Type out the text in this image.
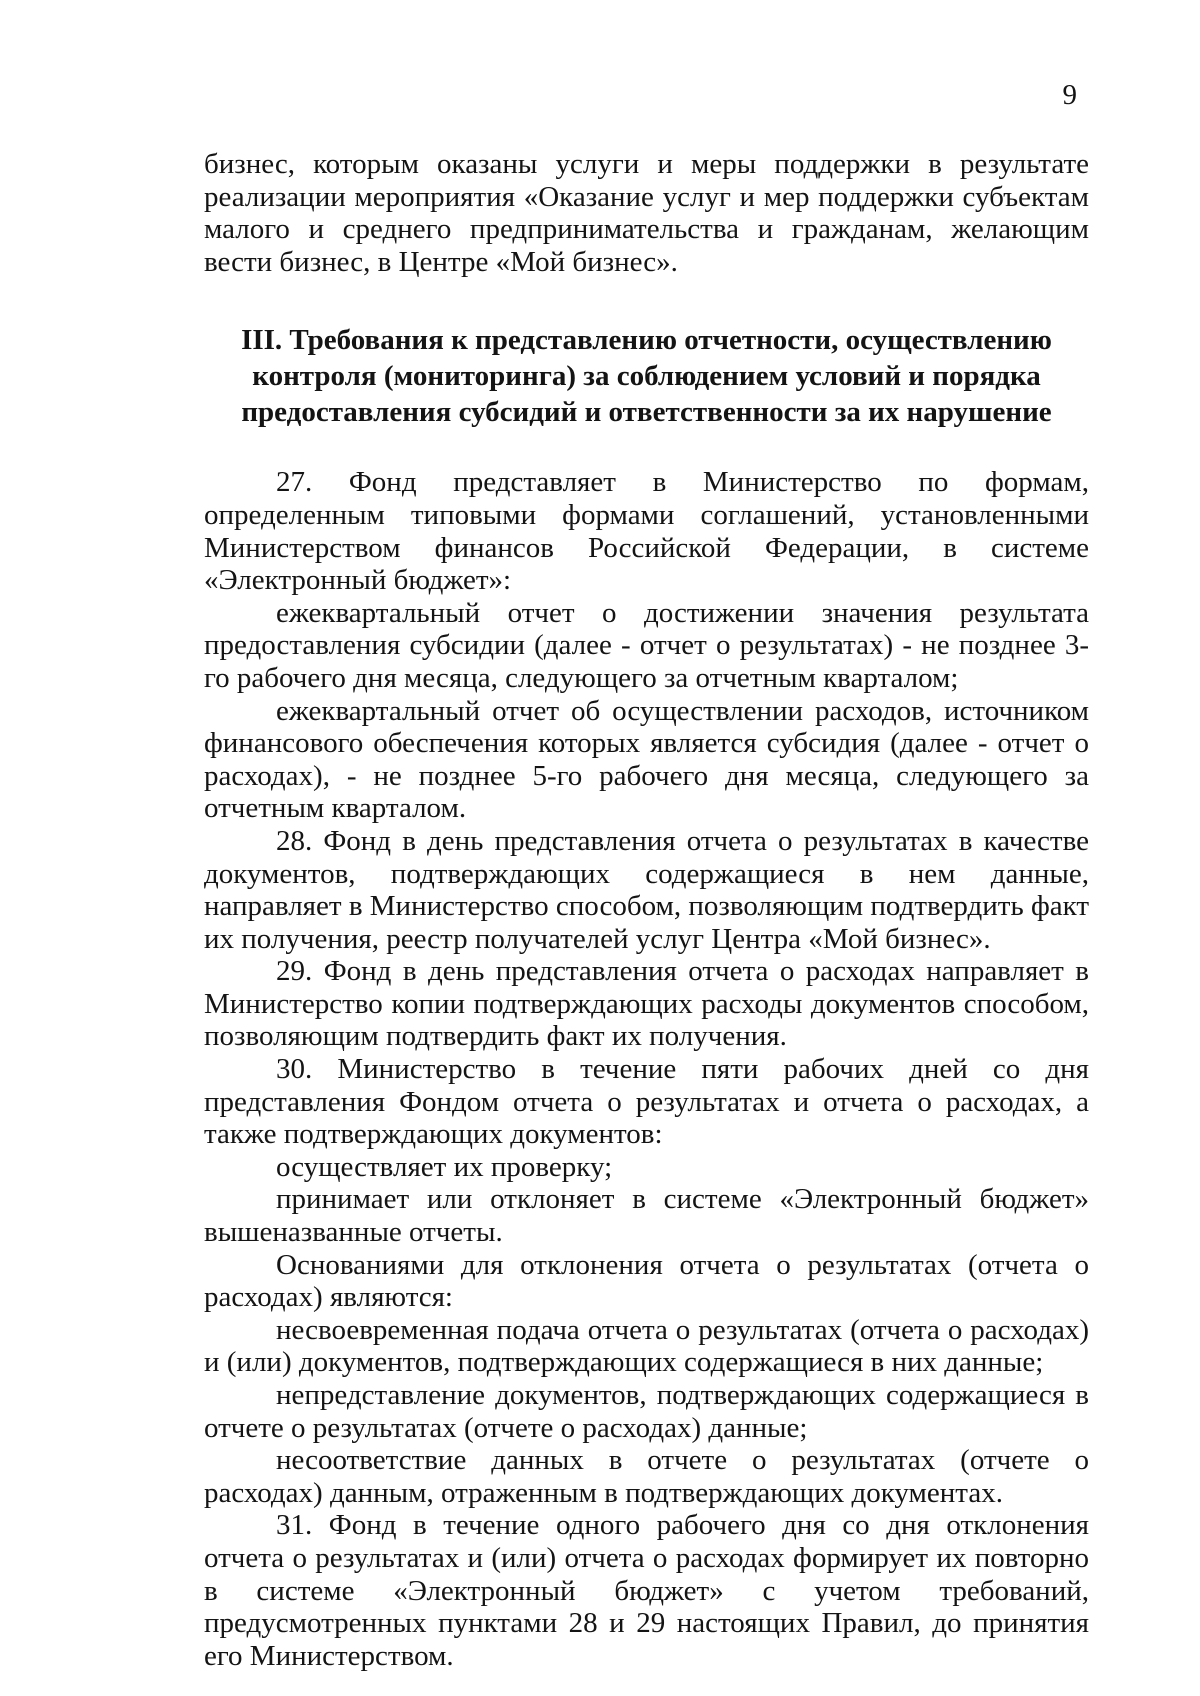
9

бизнес, которым оказаны услуги и меры поддержки в результате реализации мероприятия «Оказание услуг и мер поддержки субъектам малого и среднего предпринимательства и гражданам, желающим вести бизнес, в Центре «Мой бизнес».

III. Требования к представлению отчетности, осуществлению
контроля (мониторинга) за соблюдением условий и порядка
предоставления субсидий и ответственности за их нарушение

27. Фонд представляет в Министерство по формам, определенным типовыми формами соглашений, установленными Министерством финансов Российской Федерации, в системе «Электронный бюджет»:

ежеквартальный отчет о достижении значения результата предоставления субсидии (далее - отчет о результатах) - не позднее 3-го рабочего дня месяца, следующего за отчетным кварталом;

ежеквартальный отчет об осуществлении расходов, источником финансового обеспечения которых является субсидия (далее - отчет о расходах), - не позднее 5-го рабочего дня месяца, следующего за отчетным кварталом.

28. Фонд в день представления отчета о результатах в качестве документов, подтверждающих содержащиеся в нем данные, направляет в Министерство способом, позволяющим подтвердить факт их получения, реестр получателей услуг Центра «Мой бизнес».

29. Фонд в день представления отчета о расходах направляет в Министерство копии подтверждающих расходы документов способом, позволяющим подтвердить факт их получения.

30. Министерство в течение пяти рабочих дней со дня представления Фондом отчета о результатах и отчета о расходах, а также подтверждающих документов:

осуществляет их проверку;

принимает или отклоняет в системе «Электронный бюджет» вышеназванные отчеты.

Основаниями для отклонения отчета о результатах (отчета о расходах) являются:

несвоевременная подача отчета о результатах (отчета о расходах) и (или) документов, подтверждающих содержащиеся в них данные;

непредставление документов, подтверждающих содержащиеся в отчете о результатах (отчете о расходах) данные;

несоответствие данных в отчете о результатах (отчете о расходах) данным, отраженным в подтверждающих документах.

31. Фонд в течение одного рабочего дня со дня отклонения отчета о результатах и (или) отчета о расходах формирует их повторно в системе «Электронный бюджет» с учетом требований, предусмотренных пунктами 28 и 29 настоящих Правил, до принятия его Министерством.
